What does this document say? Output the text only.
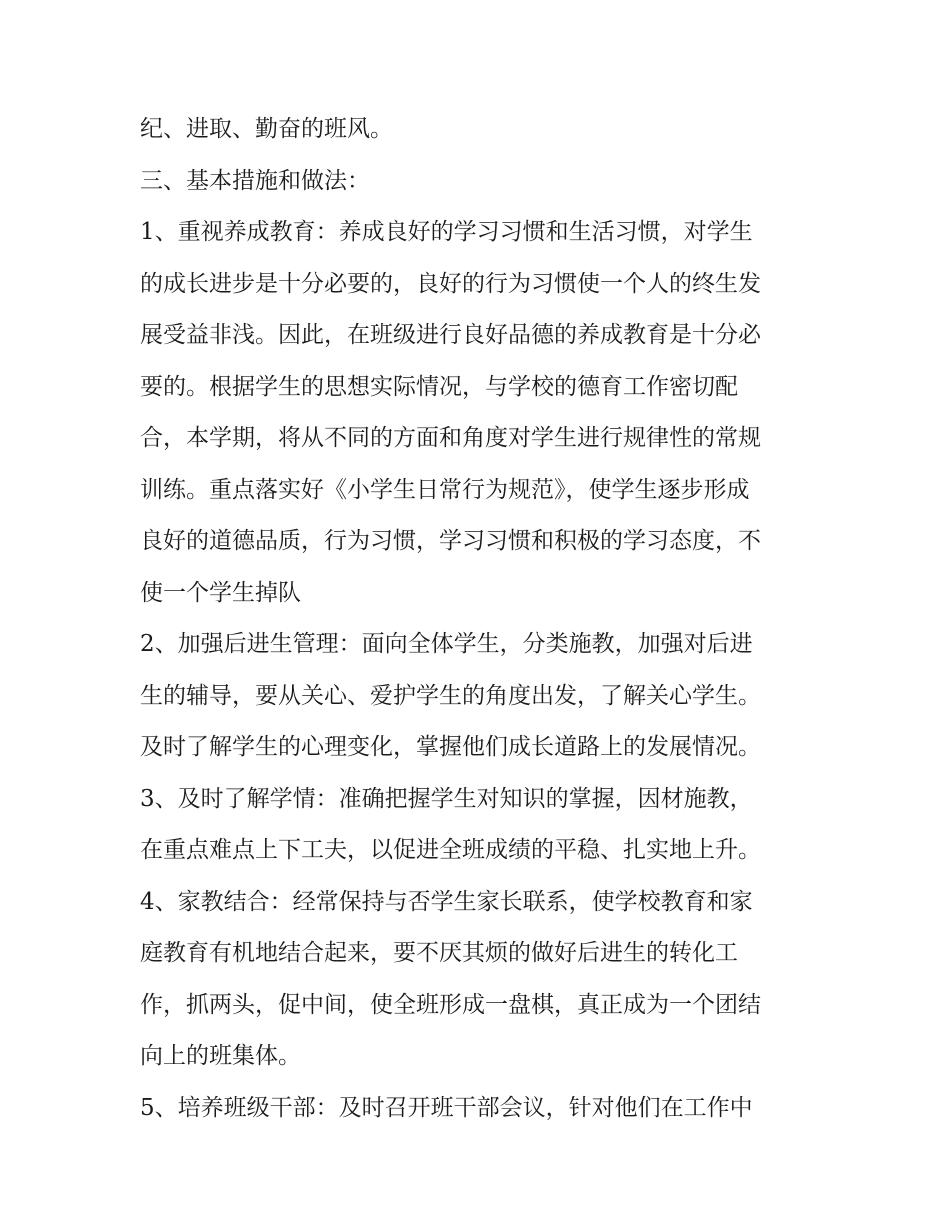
纪、进取、勤奋的班风。
三、基本措施和做法：
1、重视养成教育：养成良好的学习习惯和生活习惯，对学生
的成长进步是十分必要的，良好的行为习惯使一个人的终生发
展受益非浅。因此，在班级进行良好品德的养成教育是十分必
要的。根据学生的思想实际情况，与学校的德育工作密切配
合，本学期，将从不同的方面和角度对学生进行规律性的常规
训练。重点落实好《小学生日常行为规范》，使学生逐步形成
良好的道德品质，行为习惯，学习习惯和积极的学习态度，不
使一个学生掉队
2、加强后进生管理：面向全体学生，分类施教，加强对后进
生的辅导，要从关心、爱护学生的角度出发，了解关心学生。
及时了解学生的心理变化，掌握他们成长道路上的发展情况。
3、及时了解学情：准确把握学生对知识的掌握，因材施教，
在重点难点上下工夫，以促进全班成绩的平稳、扎实地上升。
4、家教结合：经常保持与否学生家长联系，使学校教育和家
庭教育有机地结合起来，要不厌其烦的做好后进生的转化工
作，抓两头，促中间，使全班形成一盘棋，真正成为一个团结
向上的班集体。
5、培养班级干部：及时召开班干部会议，针对他们在工作中
